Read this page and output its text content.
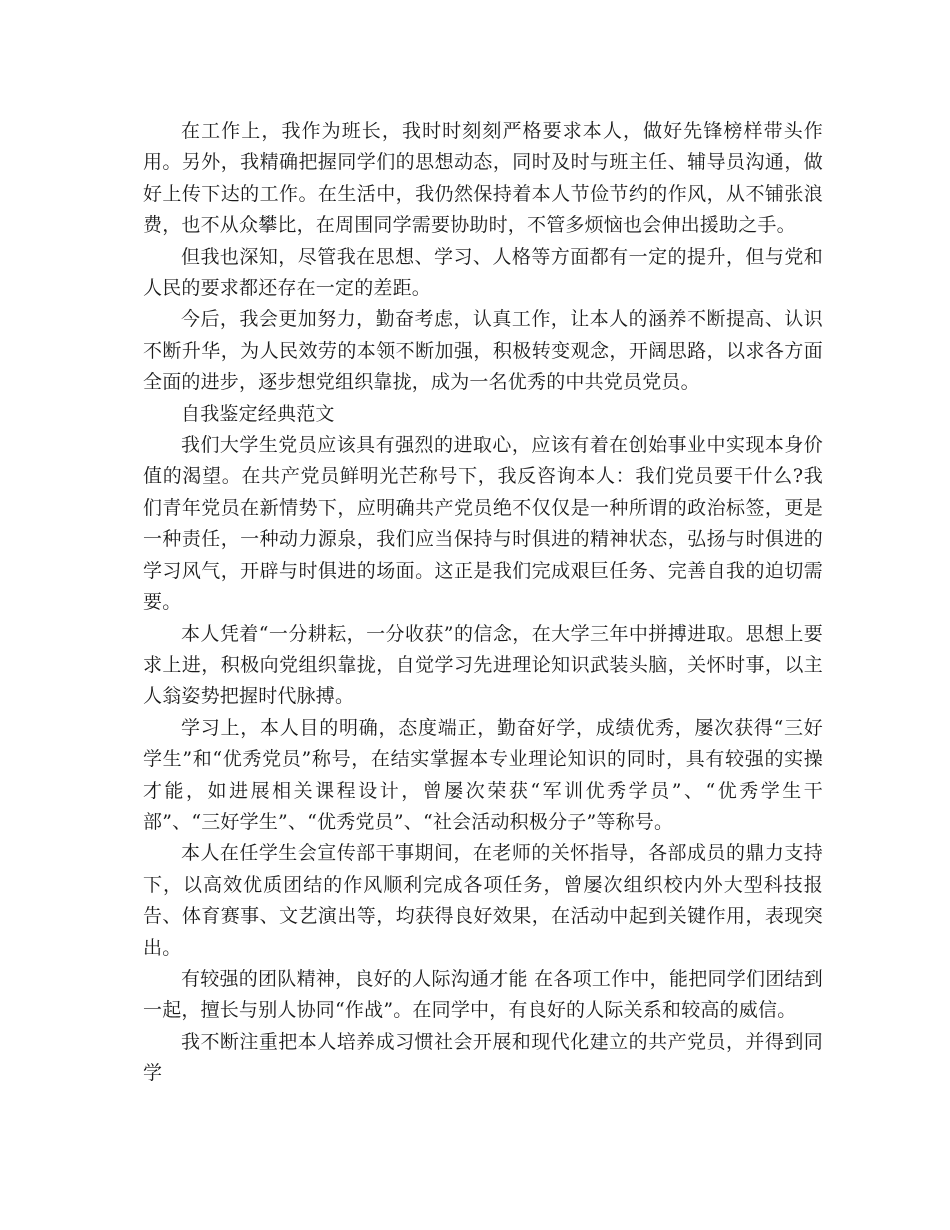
在工作上，我作为班长，我时时刻刻严格要求本人，做好先锋榜样带头作用。另外，我精确把握同学们的思想动态，同时及时与班主任、辅导员沟通，做好上传下达的工作。在生活中，我仍然保持着本人节俭节约的作风，从不铺张浪费，也不从众攀比，在周围同学需要协助时，不管多烦恼也会伸出援助之手。

但我也深知，尽管我在思想、学习、人格等方面都有一定的提升，但与党和人民的要求都还存在一定的差距。

今后，我会更加努力，勤奋考虑，认真工作，让本人的涵养不断提高、认识不断升华，为人民效劳的本领不断加强，积极转变观念，开阔思路，以求各方面全面的进步，逐步想党组织靠拢，成为一名优秀的中共党员党员。

自我鉴定经典范文

我们大学生党员应该具有强烈的进取心，应该有着在创始事业中实现本身价值的渴望。在共产党员鲜明光芒称号下，我反咨询本人：我们党员要干什么?我们青年党员在新情势下，应明确共产党员绝不仅仅是一种所谓的政治标签，更是一种责任，一种动力源泉，我们应当保持与时俱进的精神状态，弘扬与时俱进的学习风气，开辟与时俱进的场面。这正是我们完成艰巨任务、完善自我的迫切需要。

本人凭着“一分耕耘，一分收获”的信念，在大学三年中拼搏进取。思想上要求上进，积极向党组织靠拢，自觉学习先进理论知识武装头脑，关怀时事，以主人翁姿势把握时代脉搏。

学习上，本人目的明确，态度端正，勤奋好学，成绩优秀，屡次获得“三好学生”和“优秀党员”称号，在结实掌握本专业理论知识的同时，具有较强的实操才能，如进展相关课程设计，曾屡次荣获“军训优秀学员”、“优秀学生干部”、“三好学生”、“优秀党员”、“社会活动积极分子”等称号。

本人在任学生会宣传部干事期间，在老师的关怀指导，各部成员的鼎力支持下，以高效优质团结的作风顺利完成各项任务，曾屡次组织校内外大型科技报告、体育赛事、文艺演出等，均获得良好效果，在活动中起到关键作用，表现突出。

有较强的团队精神，良好的人际沟通才能 在各项工作中，能把同学们团结到一起，擅长与别人协同“作战”。在同学中，有良好的人际关系和较高的威信。

我不断注重把本人培养成习惯社会开展和现代化建立的共产党员，并得到同学
